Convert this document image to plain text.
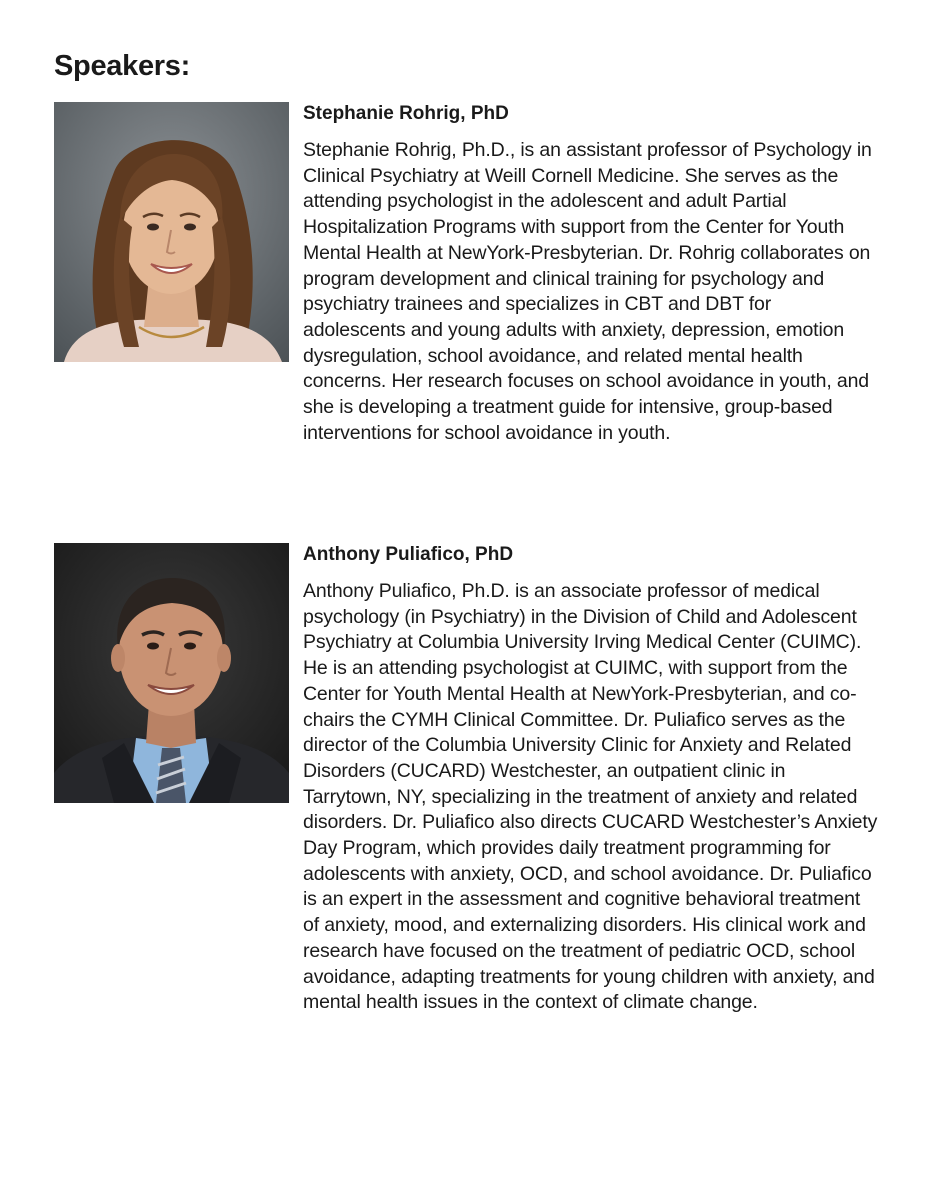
Speakers:
Stephanie Rohrig, PhD

Stephanie Rohrig, Ph.D., is an assistant professor of Psychology in Clinical Psychiatry at Weill Cornell Medicine. She serves as the attending psychologist in the adolescent and adult Partial Hospitalization Programs with support from the Center for Youth Mental Health at NewYork-Presbyterian. Dr. Rohrig collaborates on program development and clinical training for psychology and psychiatry trainees and specializes in CBT and DBT for adolescents and young adults with anxiety, depression, emotion dysregulation, school avoidance, and related mental health concerns. Her research focuses on school avoidance in youth, and she is developing a treatment guide for intensive, group-based interventions for school avoidance in youth.

Anthony Puliafico, PhD

Anthony Puliafico, Ph.D. is an associate professor of medical psychology (in Psychiatry) in the Division of Child and Adolescent Psychiatry at Columbia University Irving Medical Center (CUIMC). He is an attending psychologist at CUIMC, with support from the Center for Youth Mental Health at NewYork-Presbyterian, and co-chairs the CYMH Clinical Committee. Dr. Puliafico serves as the director of the Columbia University Clinic for Anxiety and Related Disorders (CUCARD) Westchester, an outpatient clinic in Tarrytown, NY, specializing in the treatment of anxiety and related disorders. Dr. Puliafico also directs CUCARD Westchester’s Anxiety Day Program, which provides daily treatment programming for adolescents with anxiety, OCD, and school avoidance. Dr. Puliafico is an expert in the assessment and cognitive behavioral treatment of anxiety, mood, and externalizing disorders. His clinical work and research have focused on the treatment of pediatric OCD, school avoidance, adapting treatments for young children with anxiety, and mental health issues in the context of climate change.
